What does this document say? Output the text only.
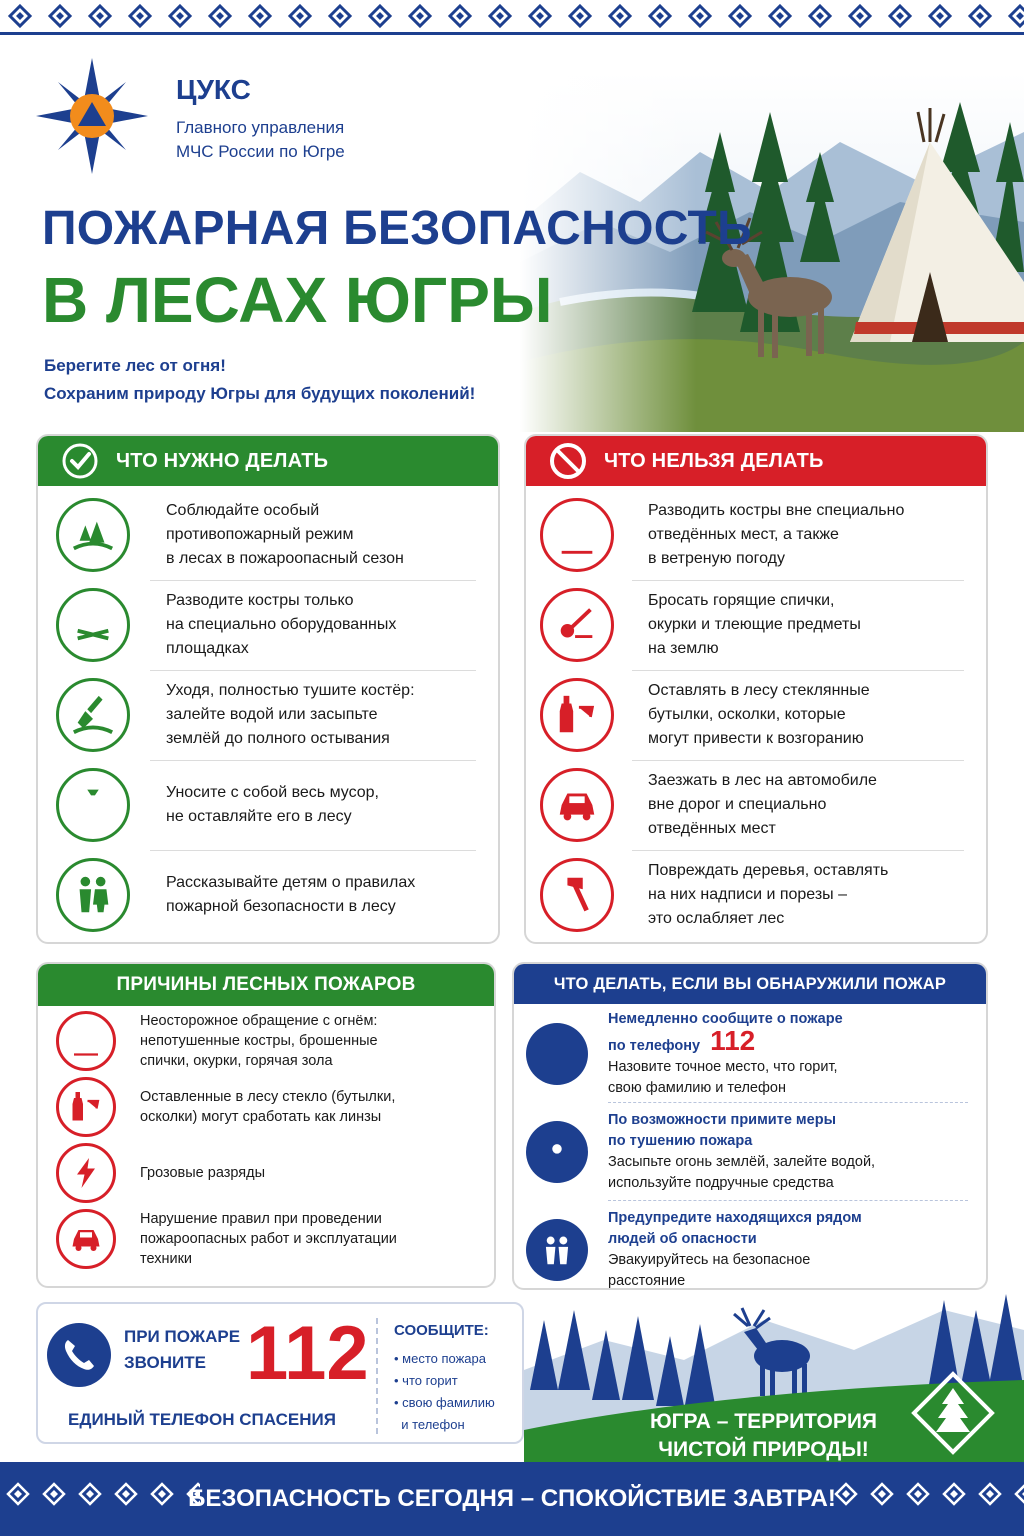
ЦУКС
Главного управления
МЧС России по Югре
ПОЖАРНАЯ БЕЗОПАСНОСТЬ
В ЛЕСАХ ЮГРЫ
Берегите лес от огня!
Сохраним природу Югры для будущих поколений!
ЧТО НУЖНО ДЕЛАТЬ
Соблюдайте особый
противопожарный режим
в лесах в пожароопасный сезон
Разводите костры только
на специально оборудованных
площадках
Уходя, полностью тушите костёр:
залейте водой или засыпьте
землёй до полного остывания
Уносите с собой весь мусор,
не оставляйте его в лесу
Рассказывайте детям о правилах
пожарной безопасности в лесу
ЧТО НЕЛЬЗЯ ДЕЛАТЬ
Разводить костры вне специально
отведённых мест, а также
в ветреную погоду
Бросать горящие спички,
окурки и тлеющие предметы
на землю
Оставлять в лесу стеклянные
бутылки, осколки, которые
могут привести к возгоранию
Заезжать в лес на автомобиле
вне дорог и специально
отведённых мест
Повреждать деревья, оставлять
на них надписи и порезы –
это ослабляет лес
ПРИЧИНЫ ЛЕСНЫХ ПОЖАРОВ
Неосторожное обращение с огнём:
непотушенные костры, брошенные
спички, окурки, горячая зола
Оставленные в лесу стекло (бутылки,
осколки) могут сработать как линзы
Грозовые разряды
Нарушение правил при проведении
пожароопасных работ и эксплуатации
техники
ЧТО ДЕЛАТЬ, ЕСЛИ ВЫ ОБНАРУЖИЛИ ПОЖАР
Немедленно сообщите о пожаре
по телефону 112
Назовите точное место, что горит,
свою фамилию и телефон
По возможности примите меры
по тушению пожара
Засыпьте огонь землёй, залейте водой,
используйте подручные средства
Предупредите находящихся рядом
людей об опасности
Эвакуируйтесь на безопасное
расстояние
ПРИ ПОЖАРЕ
ЗВОНИТЕ 112
ЕДИНЫЙ ТЕЛЕФОН СПАСЕНИЯ
СООБЩИТЕ:
• место пожара
• что горит
• свою фамилию
и телефон	ЮГРА – ТЕРРИТОРИЯ
ЧИСТОЙ ПРИРОДЫ!
БЕЗОПАСНОСТЬ СЕГОДНЯ – СПОКОЙСТВИЕ ЗАВТРА!
